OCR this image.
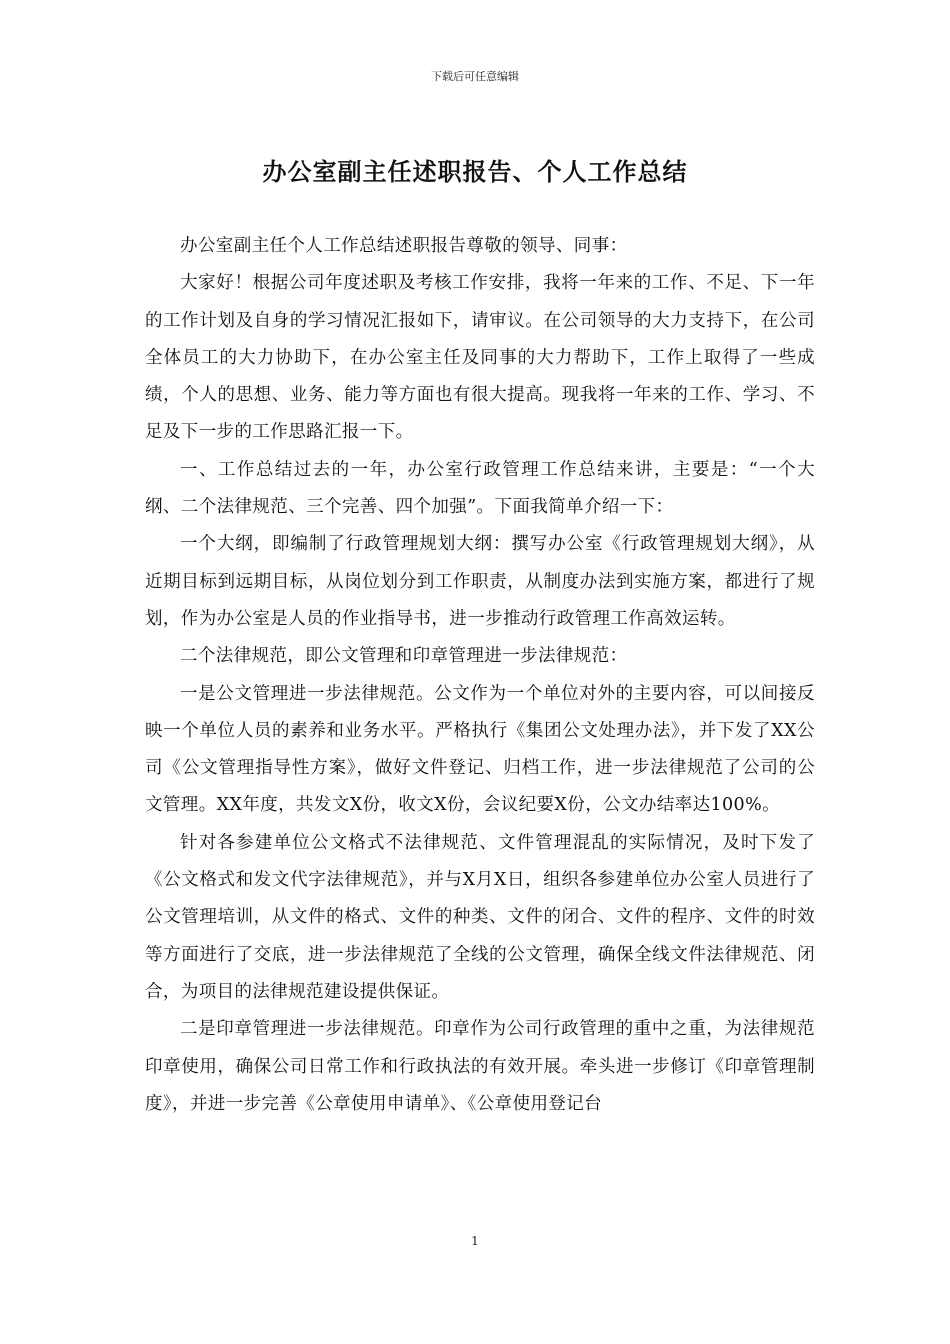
下载后可任意编辑
办公室副主任述职报告、个人工作总结

办公室副主任个人工作总结述职报告尊敬的领导、同事：

大家好！根据公司年度述职及考核工作安排，我将一年来的工作、不足、下一年的工作计划及自身的学习情况汇报如下，请审议。在公司领导的大力支持下，在公司全体员工的大力协助下，在办公室主任及同事的大力帮助下，工作上取得了一些成绩，个人的思想、业务、能力等方面也有很大提高。现我将一年来的工作、学习、不足及下一步的工作思路汇报一下。

一、工作总结过去的一年，办公室行政管理工作总结来讲，主要是：“一个大纲、二个法律规范、三个完善、四个加强”。下面我简单介绍一下：

一个大纲，即编制了行政管理规划大纲：撰写办公室《行政管理规划大纲》，从近期目标到远期目标，从岗位划分到工作职责，从制度办法到实施方案，都进行了规划，作为办公室是人员的作业指导书，进一步推动行政管理工作高效运转。

二个法律规范，即公文管理和印章管理进一步法律规范：

一是公文管理进一步法律规范。公文作为一个单位对外的主要内容，可以间接反映一个单位人员的素养和业务水平。严格执行《集团公文处理办法》，并下发了XX公司《公文管理指导性方案》，做好文件登记、归档工作，进一步法律规范了公司的公文管理。XX年度，共发文X份，收文X份，会议纪要X份，公文办结率达100%。

针对各参建单位公文格式不法律规范、文件管理混乱的实际情况，及时下发了《公文格式和发文代字法律规范》，并与X月X日，组织各参建单位办公室人员进行了公文管理培训，从文件的格式、文件的种类、文件的闭合、文件的程序、文件的时效等方面进行了交底，进一步法律规范了全线的公文管理，确保全线文件法律规范、闭合，为项目的法律规范建设提供保证。

二是印章管理进一步法律规范。印章作为公司行政管理的重中之重，为法律规范印章使用，确保公司日常工作和行政执法的有效开展。牵头进一步修订《印章管理制度》，并进一步完善《公章使用申请单》、《公章使用登记台

1
